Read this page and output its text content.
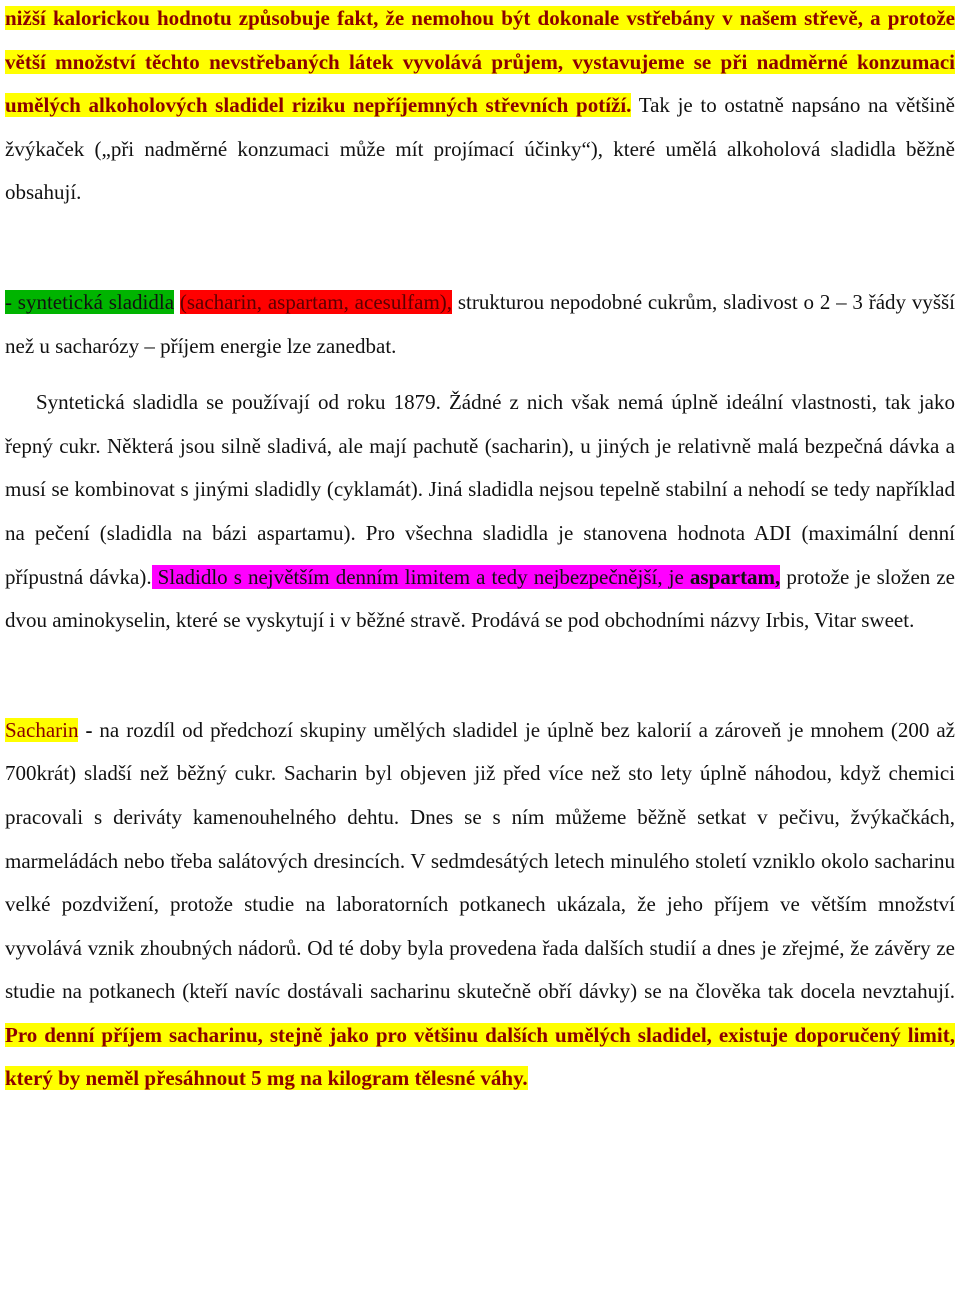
nižší kalorickou hodnotu způsobuje fakt, že nemohou být dokonale vstřebány v našem střevě, a protože větší množství těchto nevstřebaných látek vyvolává průjem, vystavujeme se při nadměrné konzumaci umělých alkoholových sladidel riziku nepříjemných střevních potíží. Tak je to ostatně napsáno na většině žvýkaček („při nadměrné konzumaci může mít projímací účinky“), které umělá alkoholová sladidla běžně obsahují.

- syntetická sladidla (sacharin, aspartam, acesulfam), strukturou nepodobné cukrům, sladivost o 2 – 3 řády vyšší než u sacharózy – příjem energie lze zanedbat.

Syntetická sladidla se používají od roku 1879. Žádné z nich však nemá úplně ideální vlastnosti, tak jako řepný cukr. Některá jsou silně sladivá, ale mají pachutě (sacharin), u jiných je relativně malá bezpečná dávka a musí se kombinovat s jinými sladidly (cyklamát). Jiná sladidla nejsou tepelně stabilní a nehodí se tedy například na pečení (sladidla na bázi aspartamu). Pro všechna sladidla je stanovena hodnota ADI (maximální denní přípustná dávka). Sladidlo s největším denním limitem a tedy nejbezpečnější, je aspartam, protože je složen ze dvou aminokyselin, které se vyskytují i v běžné stravě. Prodává se pod obchodními názvy Irbis, Vitar sweet.

Sacharin - na rozdíl od předchozí skupiny umělých sladidel je úplně bez kalorií a zároveň je mnohem (200 až 700krát) sladší než běžný cukr. Sacharin byl objeven již před více než sto lety úplně náhodou, když chemici pracovali s deriváty kamenouhelného dehtu. Dnes se s ním můžeme běžně setkat v pečivu, žvýkačkách, marmeládách nebo třeba salátových dresincích. V sedmdesátých letech minulého století vzniklo okolo sacharinu velké pozdvižení, protože studie na laboratorních potkanech ukázala, že jeho příjem ve větším množství vyvolává vznik zhoubných nádorů. Od té doby byla provedena řada dalších studií a dnes je zřejmé, že závěry ze studie na potkanech (kteří navíc dostávali sacharinu skutečně obří dávky) se na člověka tak docela nevztahují. Pro denní příjem sacharinu, stejně jako pro většinu dalších umělých sladidel, existuje doporučený limit, který by neměl přesáhnout 5 mg na kilogram tělesné váhy.
